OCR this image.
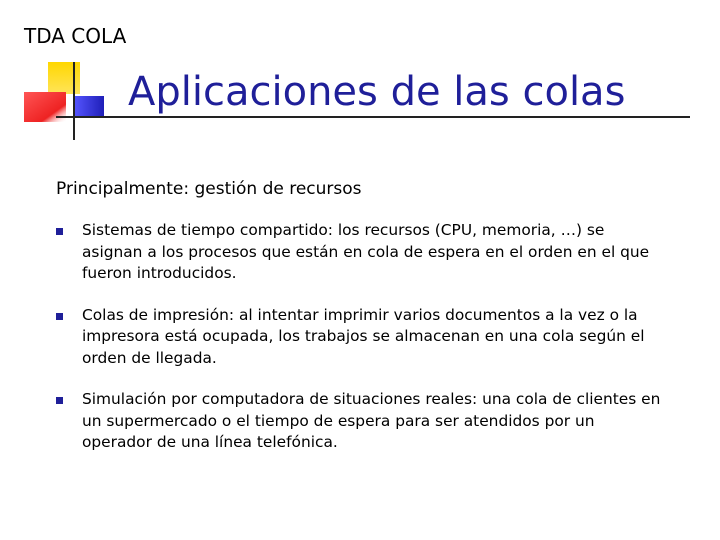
TDA COLA
Aplicaciones de las colas
Principalmente: gestión de recursos
Sistemas de tiempo compartido: los recursos (CPU, memoria, …) se asignan a los procesos que están en cola de espera en el orden en el que fueron introducidos.
Colas de impresión: al intentar imprimir varios documentos a la vez o la impresora está ocupada, los trabajos se almacenan en una cola según el orden de llegada.
Simulación por computadora de situaciones reales: una cola de clientes en un supermercado o el tiempo de espera para ser atendidos por un operador de una línea telefónica.
